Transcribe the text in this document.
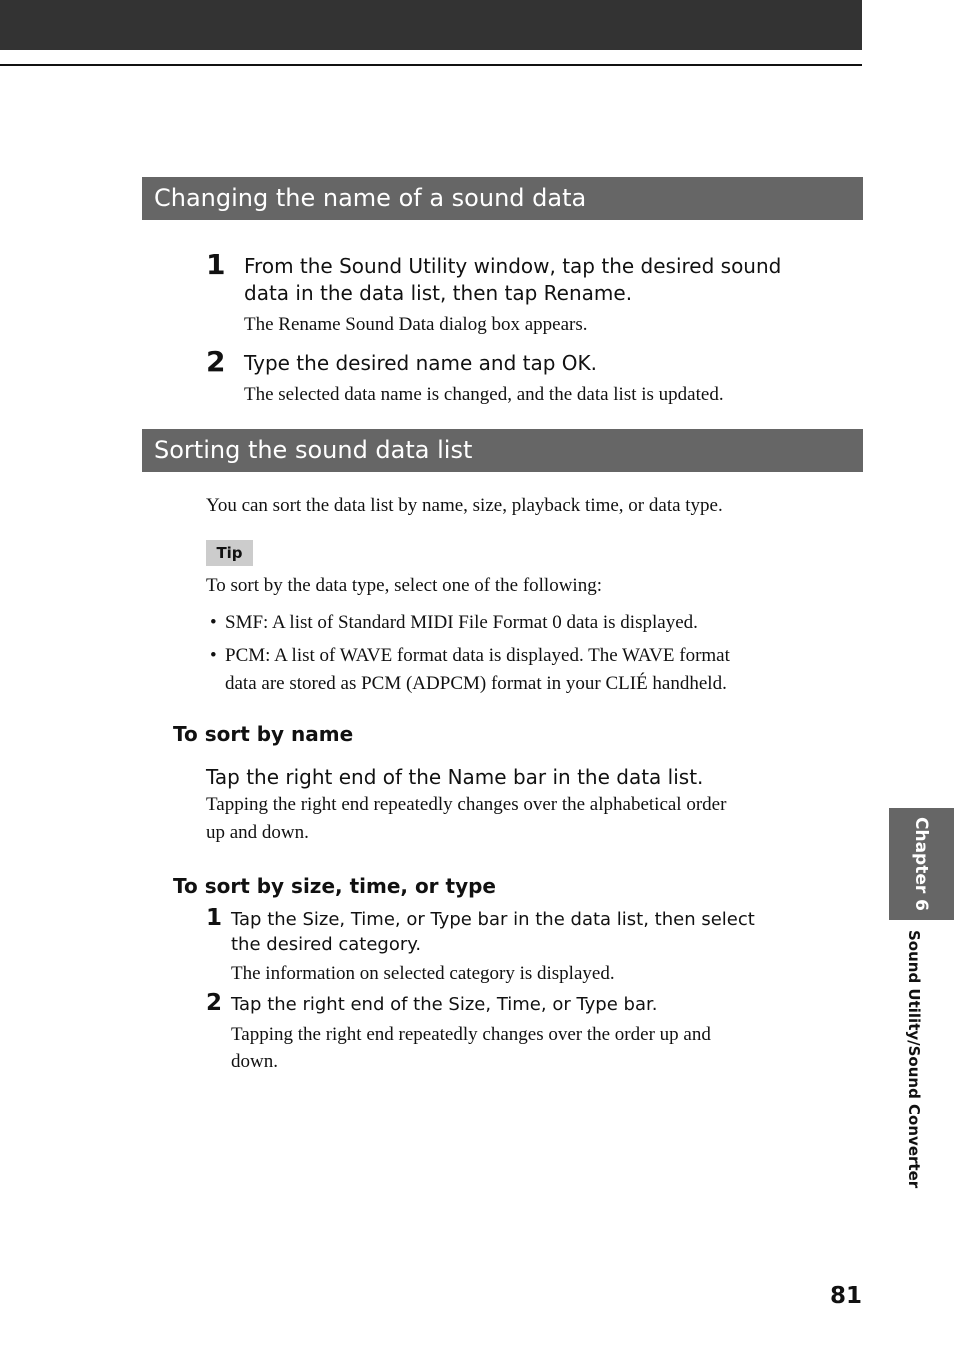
Changing the name of a sound data
1 From the Sound Utility window, tap the desired sound
data in the data list, then tap Rename.
The Rename Sound Data dialog box appears.
2 Type the desired name and tap OK.
The selected data name is changed, and the data list is updated.
Sorting the sound data list
You can sort the data list by name, size, playback time, or data type.
Tip
To sort by the data type, select one of the following:
• SMF: A list of Standard MIDI File Format 0 data is displayed.
• PCM: A list of WAVE format data is displayed. The WAVE format
data are stored as PCM (ADPCM) format in your CLIÉ handheld.
To sort by name
Tap the right end of the Name bar in the data list.
Tapping the right end repeatedly changes over the alphabetical order
up and down.
To sort by size, time, or type
1 Tap the Size, Time, or Type bar in the data list, then select
the desired category.
The information on selected category is displayed.
2 Tap the right end of the Size, Time, or Type bar.
Tapping the right end repeatedly changes over the order up and
down.
Chapter 6
Sound Utility/Sound Converter
81
